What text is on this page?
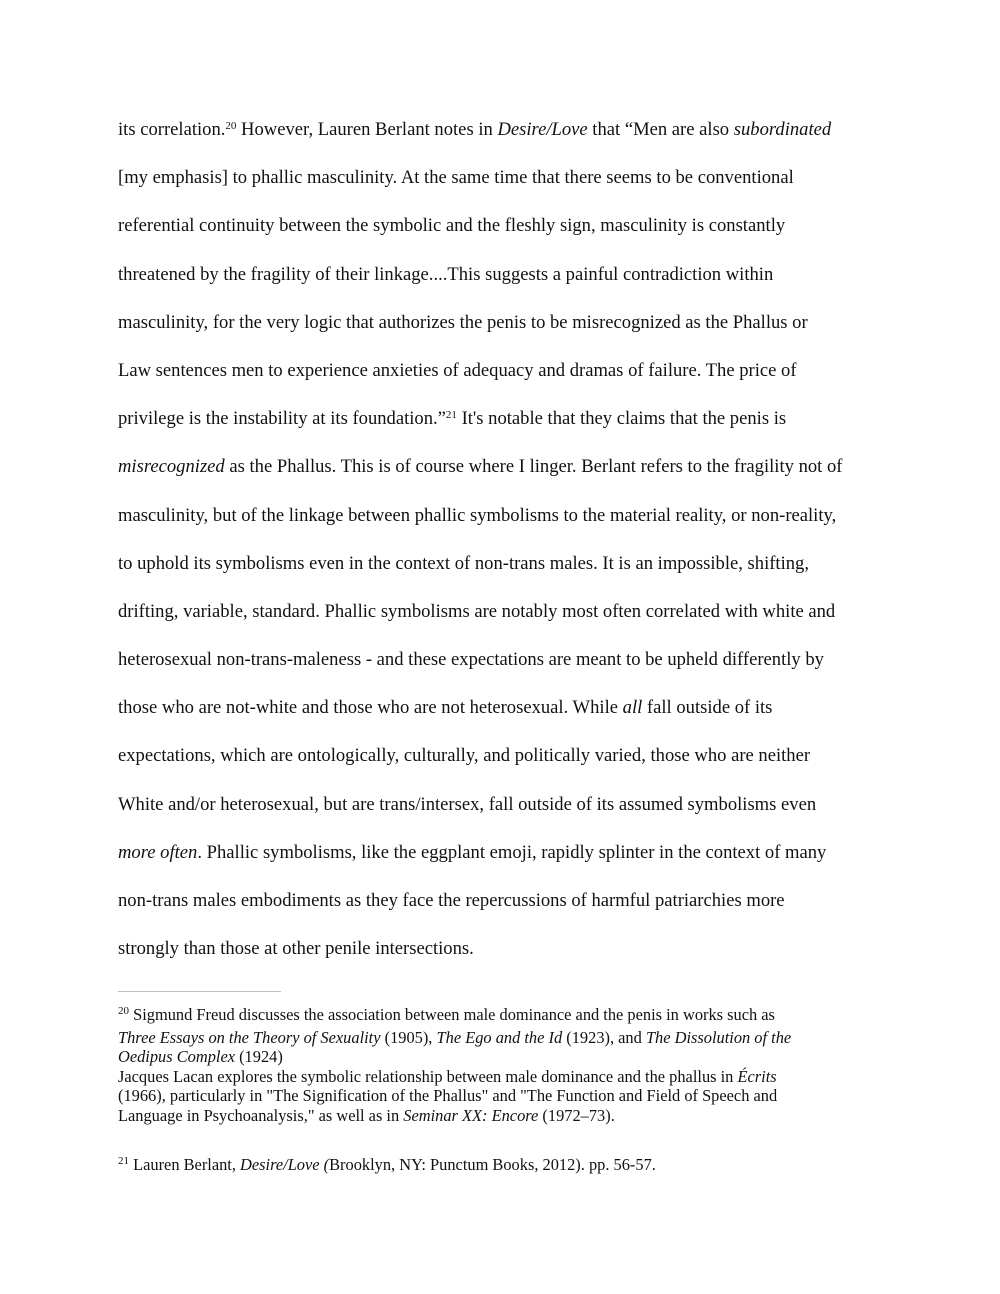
its correlation.$^{20}$ However, Lauren Berlant notes in Desire/Love that “Men are also subordinated
[my emphasis] to phallic masculinity. At the same time that there seems to be conventional
referential continuity between the symbolic and the fleshly sign, masculinity is constantly
threatened by the fragility of their linkage....This suggests a painful contradiction within
masculinity, for the very logic that authorizes the penis to be misrecognized as the Phallus or
Law sentences men to experience anxieties of adequacy and dramas of failure. The price of
privilege is the instability at its foundation.”$^{21}$ It's notable that they claims that the penis is
misrecognized as the Phallus. This is of course where I linger. Berlant refers to the fragility not of
masculinity, but of the linkage between phallic symbolisms to the material reality, or non-reality,
to uphold its symbolisms even in the context of non-trans males. It is an impossible, shifting,
drifting, variable, standard. Phallic symbolisms are notably most often correlated with white and
heterosexual non-trans-maleness - and these expectations are meant to be upheld differently by
those who are not-white and those who are not heterosexual. While all fall outside of its
expectations, which are ontologically, culturally, and politically varied, those who are neither
White and/or heterosexual, but are trans/intersex, fall outside of its assumed symbolisms even
more often. Phallic symbolisms, like the eggplant emoji, rapidly splinter in the context of many
non-trans males embodiments as they face the repercussions of harmful patriarchies more
strongly than those at other penile intersections.
$^{20}$ Sigmund Freud discusses the association between male dominance and the penis in works such as
Three Essays on the Theory of Sexuality (1905), The Ego and the Id (1923), and The Dissolution of the
Oedipus Complex (1924)
Jacques Lacan explores the symbolic relationship between male dominance and the phallus in Écrits
(1966), particularly in "The Signification of the Phallus" and "The Function and Field of Speech and
Language in Psychoanalysis," as well as in Seminar XX: Encore (1972–73).
$^{21}$ Lauren Berlant, Desire/Love (Brooklyn, NY: Punctum Books, 2012). pp. 56-57.
